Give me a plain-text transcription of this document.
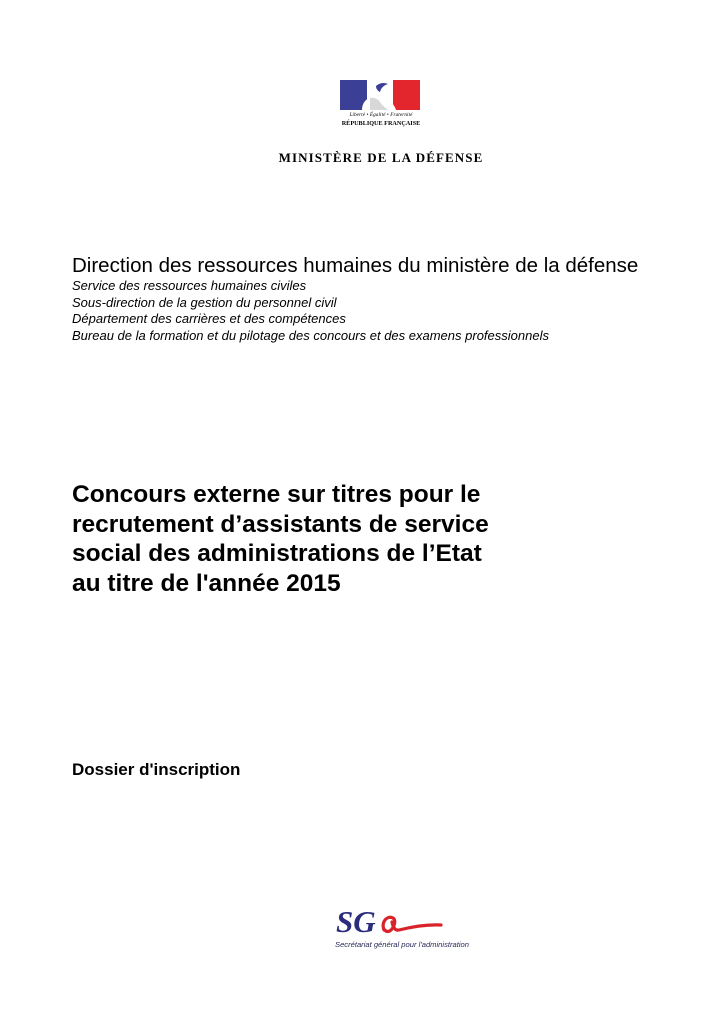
Liberté • Égalité • Fraternité
RÉPUBLIQUE FRANÇAISE
MINISTÈRE DE LA DÉFENSE
Direction des ressources humaines du ministère de la défense
Service des ressources humaines civiles
Sous-direction de la gestion du personnel civil
Département des carrières et des compétences
Bureau de la formation et du pilotage des concours et des examens professionnels
Concours externe sur titres pour le
recrutement d’assistants de service
social des administrations de l’Etat
au titre de l'année 2015
Dossier d'inscription
SG
Secrétariat général pour l'administration
